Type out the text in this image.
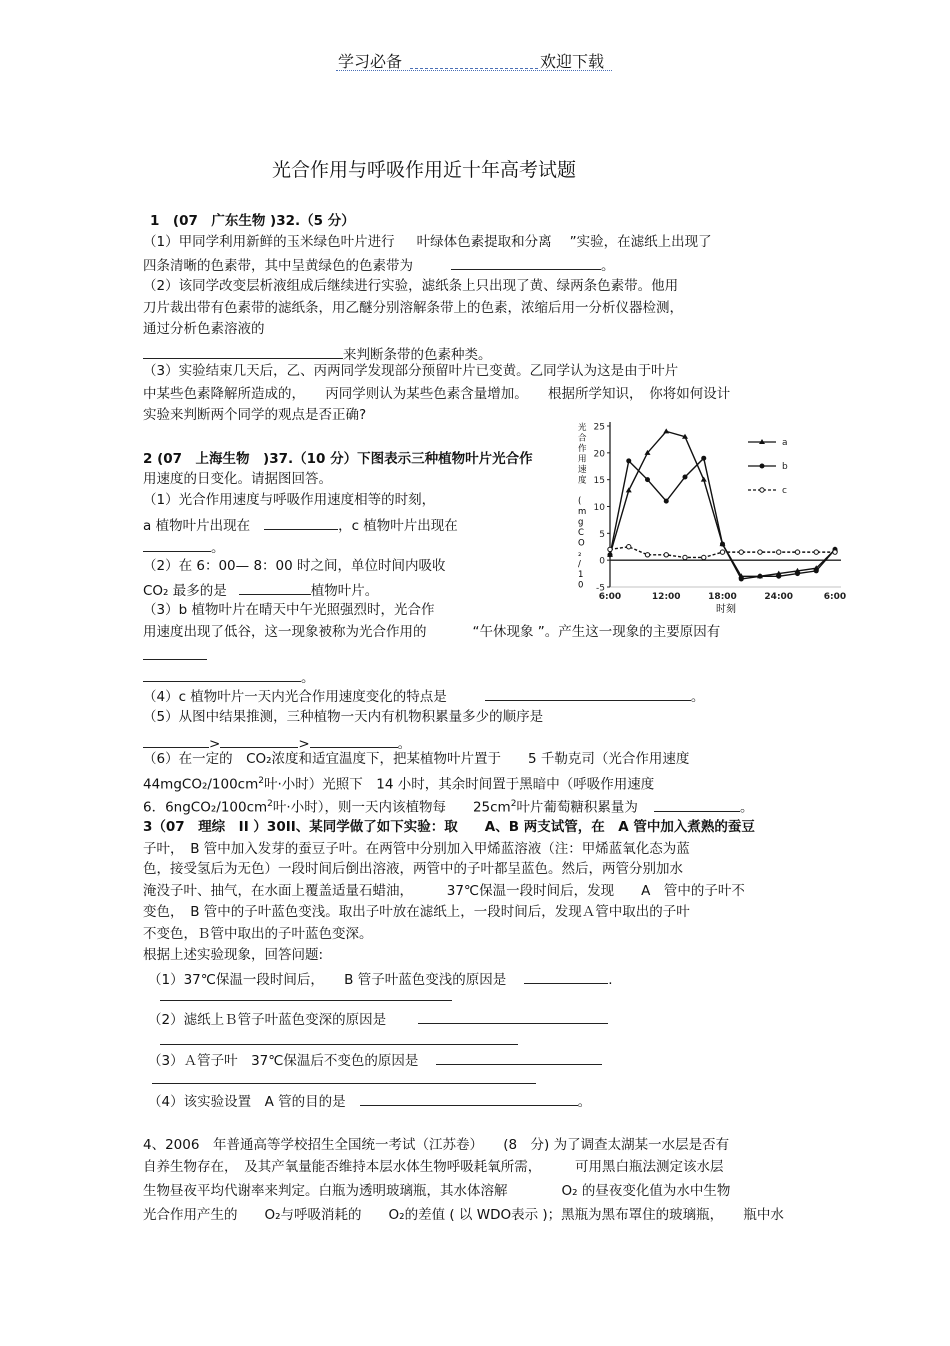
学习必备	欢迎下载
光合作用与呼吸作用近十年高考试题
1　(07　广东生物 )32.（5 分）
（1）甲同学利用新鲜的玉米绿色叶片进行 叶绿体色素提取和分离 ”实验，在滤纸上出现了
四条清晰的色素带，其中呈黄绿色的色素带为	。
（2）该同学改变层析液组成后继续进行实验，滤纸条上只出现了黄、绿两条色素带。他用
刀片裁出带有色素带的滤纸条，用乙醚分别溶解条带上的色素，浓缩后用一分析仪器检测，
通过分析色素溶液的
来判断条带的色素种类。
（3）实验结束几天后，乙、丙两同学发现部分预留叶片已变黄。乙同学认为这是由于叶片
中某些色素降解所造成的，　　丙同学则认为某些色素含量增加。　　根据所学知识，　你将如何设计
实验来判断两个同学的观点是否正确?
2 (07　上海生物　)37.（10 分）下图表示三种植物叶片光合作
用速度的日变化。请据图回答。
（1）光合作用速度与呼吸作用速度相等的时刻，
a 植物叶片出现在	，c 植物叶片出现在
。
（2）在 6：00— 8：00 时之间，单位时间内吸收
CO₂ 最多的是	植物叶片。
（3）b 植物叶片在晴天中午光照强烈时，光合作
用速度出现了低谷，这一现象被称为光合作用的	“午休现象 ”。产生这一现象的主要原因有
。
（4）c 植物叶片一天内光合作用速度变化的特点是	。
（5）从图中结果推测，三种植物一天内有机物积累量多少的顺序是
>	>	。
（6）在一定的　CO₂浓度和适宜温度下，把某植物叶片置于　　5 千勒克司（光合作用速度
$44mgCO_2/100cm^2$叶·小时）光照下　14 小时，其余时间置于黑暗中（呼吸作用速度
6．$6ngCO_2/100cm^2$叶·小时），则一天内该植物每　　$25cm^2$叶片葡萄糖积累量为	。
3（07　理综　II ）30II、某同学做了如下实验：取　　A、B 两支试管，在　A 管中加入煮熟的蚕豆
子叶，　B 管中加入发芽的蚕豆子叶。在两管中分别加入甲烯蓝溶液（注：甲烯蓝氧化态为蓝
色，接受氢后为无色）一段时间后倒出溶液，两管中的子叶都呈蓝色。然后，两管分别加水
淹没子叶、抽气，在水面上覆盖适量石蜡油，　　　37℃保温一段时间后，发现　　A　管中的子叶不
变色，　B 管中的子叶蓝色变浅。取出子叶放在滤纸上，一段时间后，发现Ａ管中取出的子叶
不变色，Ｂ管中取出的子叶蓝色变深。
根据上述实验现象，回答问题:
（1）37℃保温一段时间后，　　B 管子叶蓝色变浅的原因是	.
（2）滤纸上Ｂ管子叶蓝色变深的原因是
（3）Ａ管子叶　37℃保温后不变色的原因是
（4）该实验设置　A 管的目的是	。
4、2006　年普通高等学校招生全国统一考试（江苏卷）　　(8　分) 为了调查太湖某一水层是否有
自养生物存在，　及其产氧量能否维持本层水体生物呼吸耗氧所需，　　　可用黑白瓶法测定该水层
生物昼夜平均代谢率来判定。白瓶为透明玻璃瓶，其水体溶解　　　　O₂ 的昼夜变化值为水中生物
光合作用产生的　　O₂与呼吸消耗的　　O₂的差值 ( 以 WDO表示 )；黑瓶为黑布罩住的玻璃瓶，　　瓶中水
光合作用速度 ( m g C O ₂ / 1 0
时刻
25
20
15
10
5
0
-5
6:00	12:00	18:00	24:00	6:00
a
b
c
